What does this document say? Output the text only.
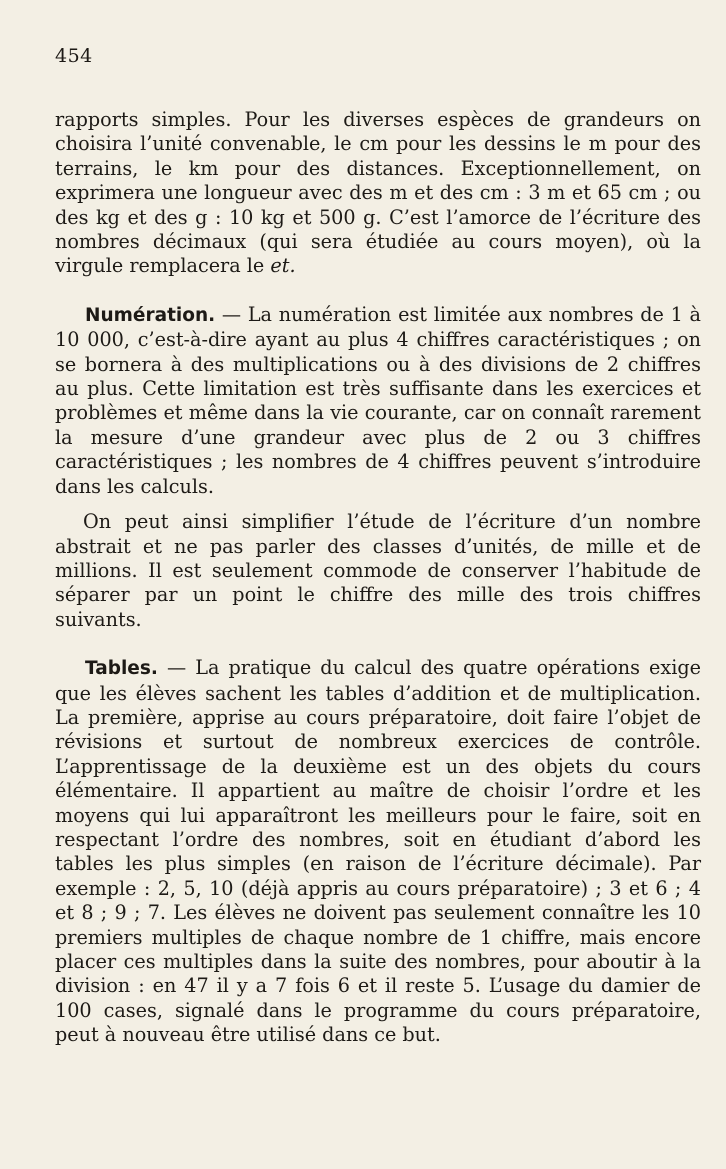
454

rapports simples. Pour les diverses espèces de grandeurs on choisira l’unité convenable, le cm pour les dessins le m pour des terrains, le km pour des distances. Exceptionnellement, on exprimera une longueur avec des m et des cm : 3 m et 65 cm ; ou des kg et des g : 10 kg et 500 g. C’est l’amorce de l’écriture des nombres décimaux (qui sera étudiée au cours moyen), où la virgule remplacera le et.

Numération. — La numération est limitée aux nombres de 1 à 10 000, c’est-à-dire ayant au plus 4 chiffres caractéristiques ; on se bornera à des multiplications ou à des divisions de 2 chiffres au plus. Cette limitation est très suffisante dans les exercices et problèmes et même dans la vie courante, car on connaît rarement la mesure d’une grandeur avec plus de 2 ou 3 chiffres caractéristiques ; les nombres de 4 chiffres peuvent s’introduire dans les calculs.

On peut ainsi simplifier l’étude de l’écriture d’un nombre abstrait et ne pas parler des classes d’unités, de mille et de millions. Il est seulement commode de conserver l’habitude de séparer par un point le chiffre des mille des trois chiffres suivants.

Tables. — La pratique du calcul des quatre opérations exige que les élèves sachent les tables d’addition et de multiplication. La première, apprise au cours préparatoire, doit faire l’objet de révisions et surtout de nombreux exercices de contrôle. L’apprentissage de la deuxième est un des objets du cours élémentaire. Il appartient au maître de choisir l’ordre et les moyens qui lui apparaîtront les meilleurs pour le faire, soit en respectant l’ordre des nombres, soit en étudiant d’abord les tables les plus simples (en raison de l’écriture décimale). Par exemple : 2, 5, 10 (déjà appris au cours préparatoire) ; 3 et 6 ; 4 et 8 ; 9 ; 7. Les élèves ne doivent pas seulement connaître les 10 premiers multiples de chaque nombre de 1 chiffre, mais encore placer ces multiples dans la suite des nombres, pour aboutir à la division : en 47 il y a 7 fois 6 et il reste 5. L’usage du damier de 100 cases, signalé dans le programme du cours préparatoire, peut à nouveau être utilisé dans ce but.
